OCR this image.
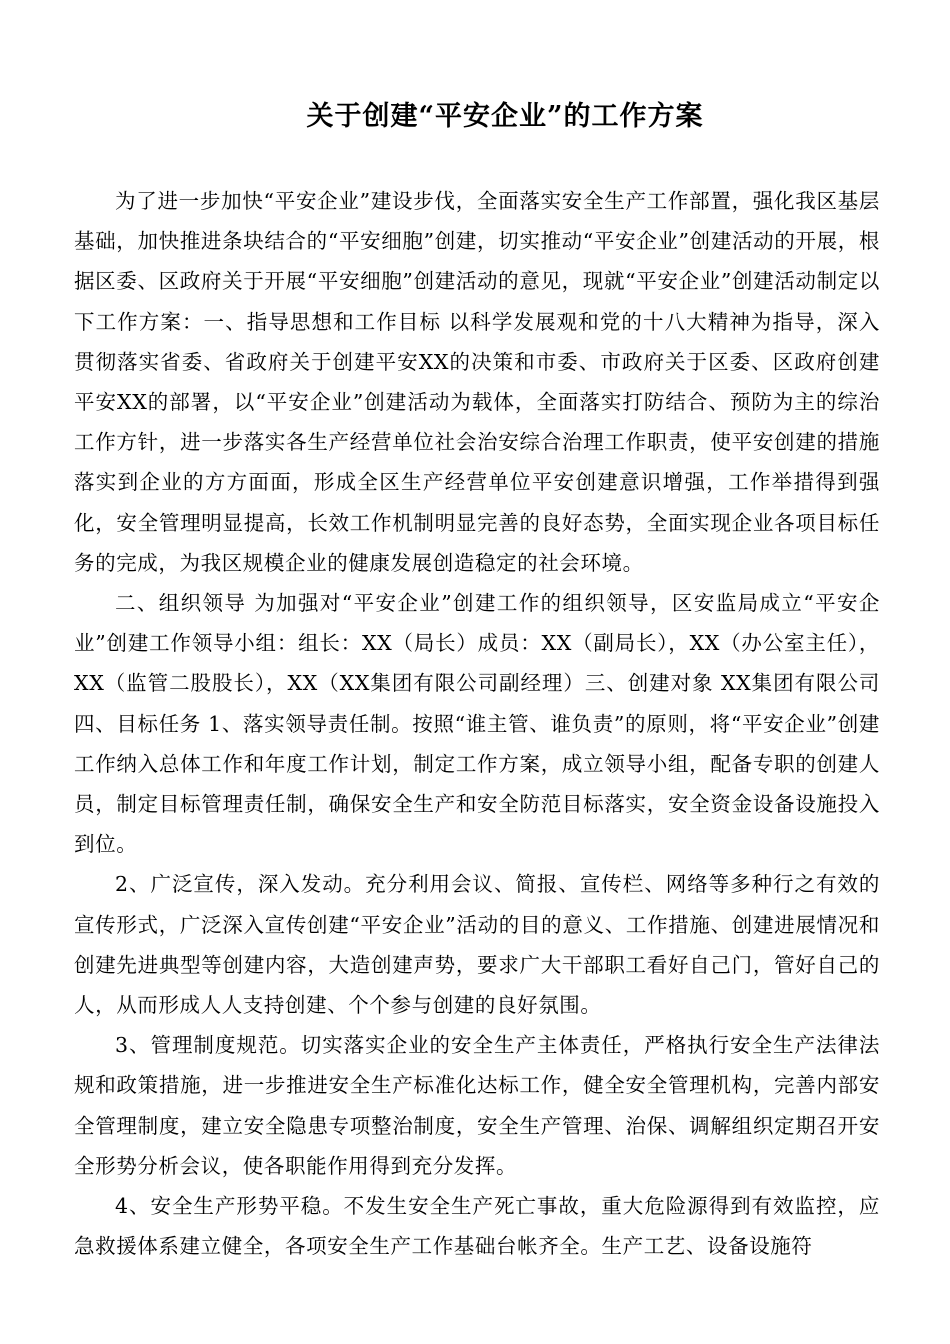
关于创建“平安企业”的工作方案

为了进一步加快“平安企业”建设步伐，全面落实安全生产工作部置，强化我区基层基础，加快推进条块结合的“平安细胞”创建，切实推动“平安企业”创建活动的开展，根据区委、区政府关于开展“平安细胞”创建活动的意见，现就“平安企业”创建活动制定以下工作方案：一、指导思想和工作目标 以科学发展观和党的十八大精神为指导，深入贯彻落实省委、省政府关于创建平安XX的决策和市委、市政府关于区委、区政府创建平安XX的部署，以“平安企业”创建活动为载体，全面落实打防结合、预防为主的综治工作方针，进一步落实各生产经营单位社会治安综合治理工作职责，使平安创建的措施落实到企业的方方面面，形成全区生产经营单位平安创建意识增强，工作举措得到强化，安全管理明显提高，长效工作机制明显完善的良好态势，全面实现企业各项目标任务的完成，为我区规模企业的健康发展创造稳定的社会环境。

二、组织领导 为加强对“平安企业”创建工作的组织领导，区安监局成立“平安企业”创建工作领导小组：组长：XX（局长）成员：XX（副局长），XX（办公室主任），XX（监管二股股长），XX（XX集团有限公司副经理）三、创建对象 XX集团有限公司 四、目标任务 1、落实领导责任制。按照“谁主管、谁负责”的原则，将“平安企业”创建工作纳入总体工作和年度工作计划，制定工作方案，成立领导小组，配备专职的创建人员，制定目标管理责任制，确保安全生产和安全防范目标落实，安全资金设备设施投入到位。

2、广泛宣传，深入发动。充分利用会议、简报、宣传栏、网络等多种行之有效的宣传形式，广泛深入宣传创建“平安企业”活动的目的意义、工作措施、创建进展情况和创建先进典型等创建内容，大造创建声势，要求广大干部职工看好自己门，管好自己的人，从而形成人人支持创建、个个参与创建的良好氛围。

3、管理制度规范。切实落实企业的安全生产主体责任，严格执行安全生产法律法规和政策措施，进一步推进安全生产标准化达标工作，健全安全管理机构，完善内部安全管理制度，建立安全隐患专项整治制度，安全生产管理、治保、调解组织定期召开安全形势分析会议，使各职能作用得到充分发挥。

4、安全生产形势平稳。不发生安全生产死亡事故，重大危险源得到有效监控，应急救援体系建立健全，各项安全生产工作基础台帐齐全。生产工艺、设备设施符
